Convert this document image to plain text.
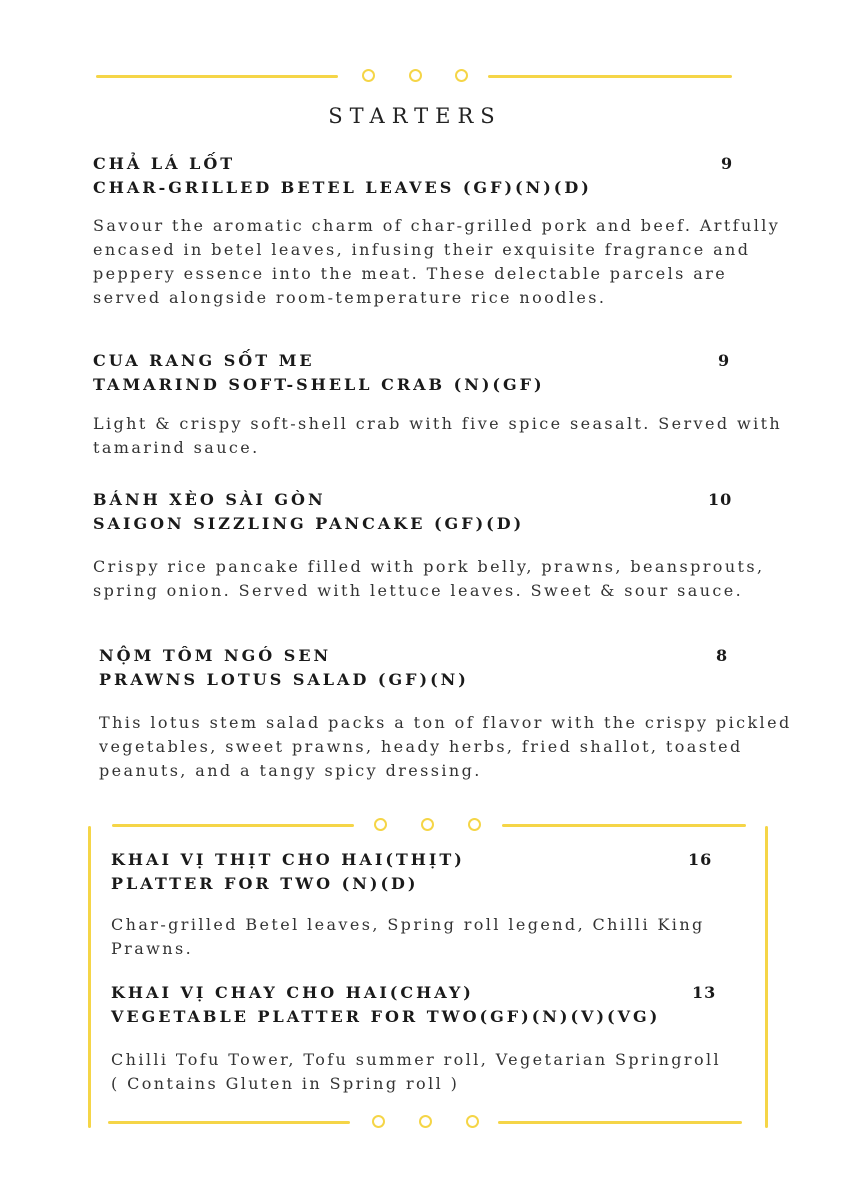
STARTERS
CHẢ LÁ LỐT	9
CHAR-GRILLED BETEL LEAVES (GF)(N)(D)
Savour the aromatic charm of char-grilled pork and beef. Artfully encased in betel leaves, infusing their exquisite fragrance and peppery essence into the meat. These delectable parcels are served alongside room-temperature rice noodles.
CUA RANG SỐT ME	9
TAMARIND SOFT-SHELL CRAB (N)(GF)
Light & crispy soft-shell crab with five spice seasalt. Served with tamarind sauce.
BÁNH XÈO SÀI GÒN	10
SAIGON SIZZLING PANCAKE (GF)(D)
Crispy rice pancake filled with pork belly, prawns, beansprouts, spring onion. Served with lettuce leaves. Sweet & sour sauce.
NỘM TÔM NGÓ SEN	8
PRAWNS LOTUS SALAD (GF)(N)
This lotus stem salad packs a ton of flavor with the crispy pickled vegetables, sweet prawns, heady herbs, fried shallot, toasted peanuts, and a tangy spicy dressing.
KHAI VỊ THỊT CHO HAI(THỊT)	16
PLATTER FOR TWO (N)(D)
Char-grilled Betel leaves, Spring roll legend, Chilli King Prawns.
KHAI VỊ CHAY CHO HAI(CHAY)	13
VEGETABLE PLATTER FOR TWO(GF)(N)(V)(VG)
Chilli Tofu Tower, Tofu summer roll, Vegetarian Springroll ( Contains Gluten in Spring roll )
